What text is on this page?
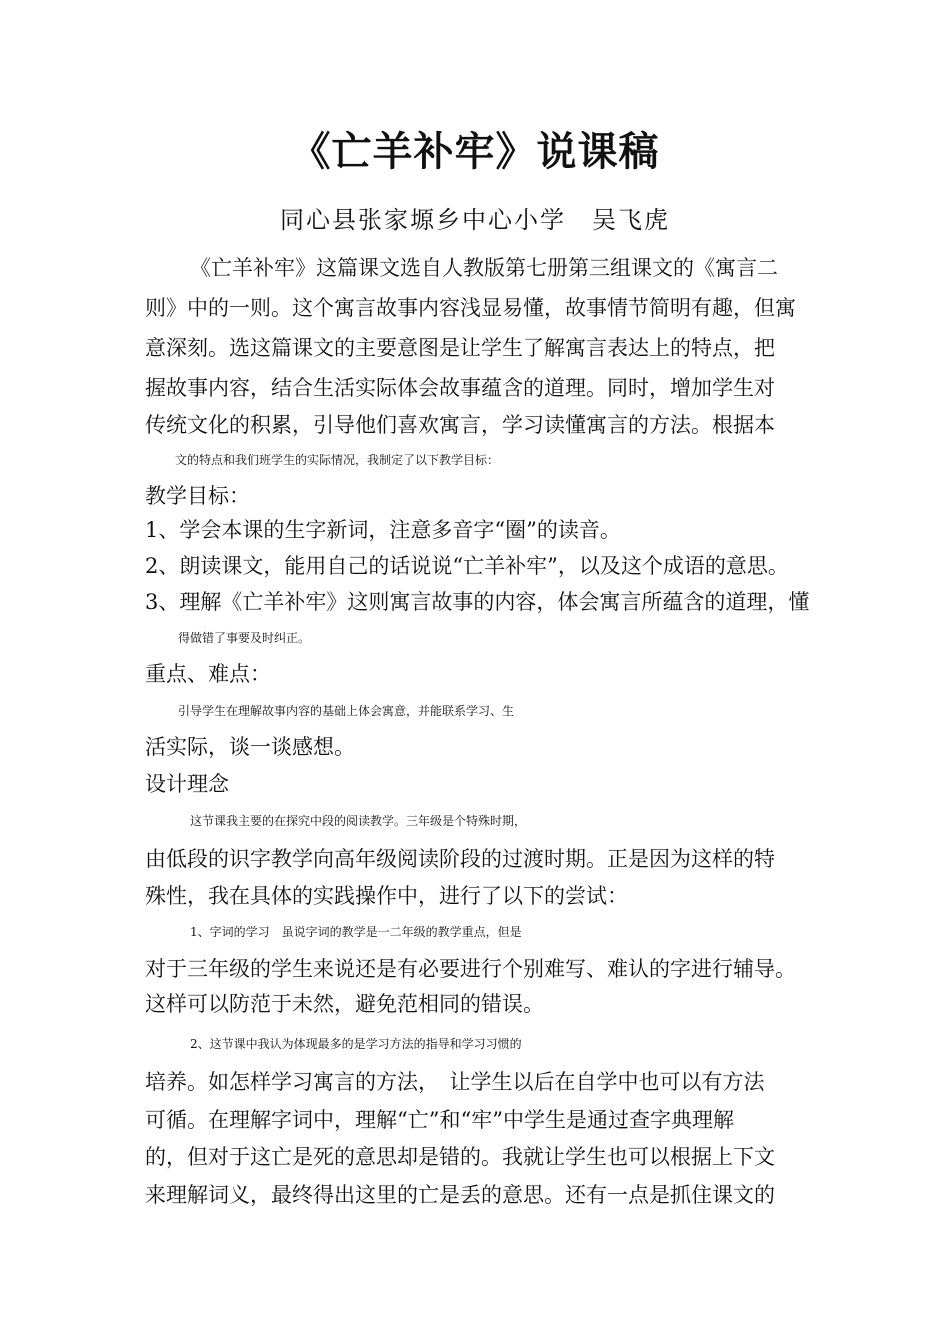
《亡羊补牢》说课稿
同心县张家塬乡中心小学　吴飞虎
《亡羊补牢》这篇课文选自人教版第七册第三组课文的《寓言二
则》中的一则。这个寓言故事内容浅显易懂，故事情节简明有趣，但寓
意深刻。选这篇课文的主要意图是让学生了解寓言表达上的特点，把
握故事内容，结合生活实际体会故事蕴含的道理。同时，增加学生对
传统文化的积累，引导他们喜欢寓言，学习读懂寓言的方法。根据本
文的特点和我们班学生的实际情况，我制定了以下教学目标：
教学目标：
1、学会本课的生字新词，注意多音字“圈”的读音。
2、朗读课文，能用自己的话说说“亡羊补牢”，以及这个成语的意思。
3、理解《亡羊补牢》这则寓言故事的内容，体会寓言所蕴含的道理，懂
得做错了事要及时纠正。
重点、难点：
引导学生在理解故事内容的基础上体会寓意，并能联系学习、生
活实际，谈一谈感想。
设计理念
这节课我主要的在探究中段的阅读教学。三年级是个特殊时期，
由低段的识字教学向高年级阅读阶段的过渡时期。正是因为这样的特
殊性，我在具体的实践操作中，进行了以下的尝试：
1、字词的学习　虽说字词的教学是一二年级的教学重点，但是
对于三年级的学生来说还是有必要进行个别难写、难认的字进行辅导。
这样可以防范于未然，避免范相同的错误。
2、这节课中我认为体现最多的是学习方法的指导和学习习惯的
培养。如怎样学习寓言的方法，　让学生以后在自学中也可以有方法
可循。在理解字词中，理解“亡”和“牢”中学生是通过查字典理解
的，但对于这亡是死的意思却是错的。我就让学生也可以根据上下文
来理解词义，最终得出这里的亡是丢的意思。还有一点是抓住课文的
